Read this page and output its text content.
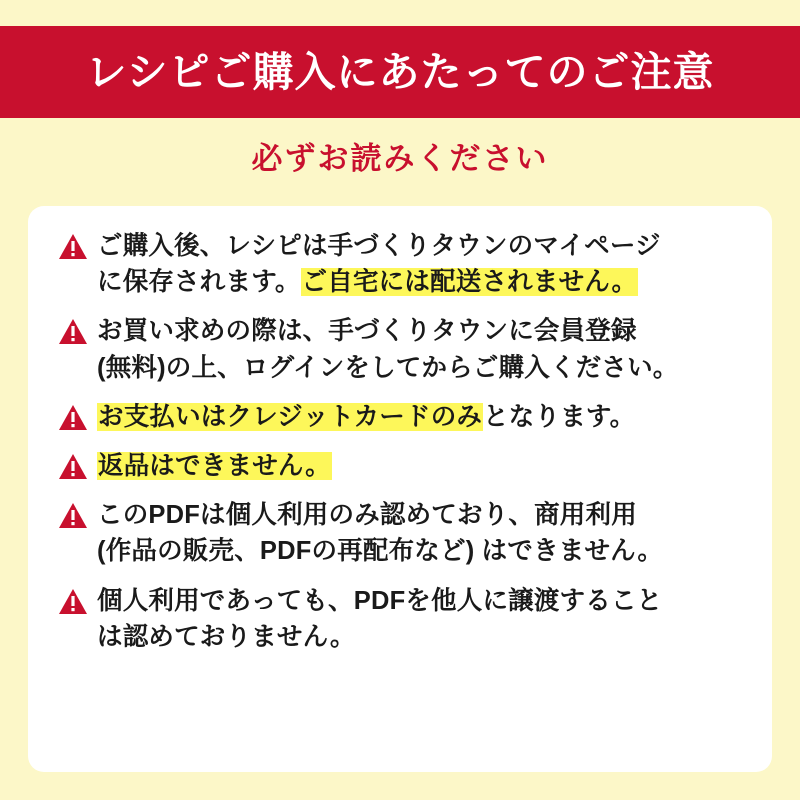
レシピご購入にあたってのご注意
必ずお読みください
ご購入後、レシピは手づくりタウンのマイページ
に保存されます。ご自宅には配送されません。
お買い求めの際は、手づくりタウンに会員登録
(無料)の上、ログインをしてからご購入ください。
お支払いはクレジットカードのみとなります。
返品はできません。
このPDFは個人利用のみ認めており、商用利用
(作品の販売、PDFの再配布など) はできません。
個人利用であっても、PDFを他人に譲渡すること
は認めておりません。
